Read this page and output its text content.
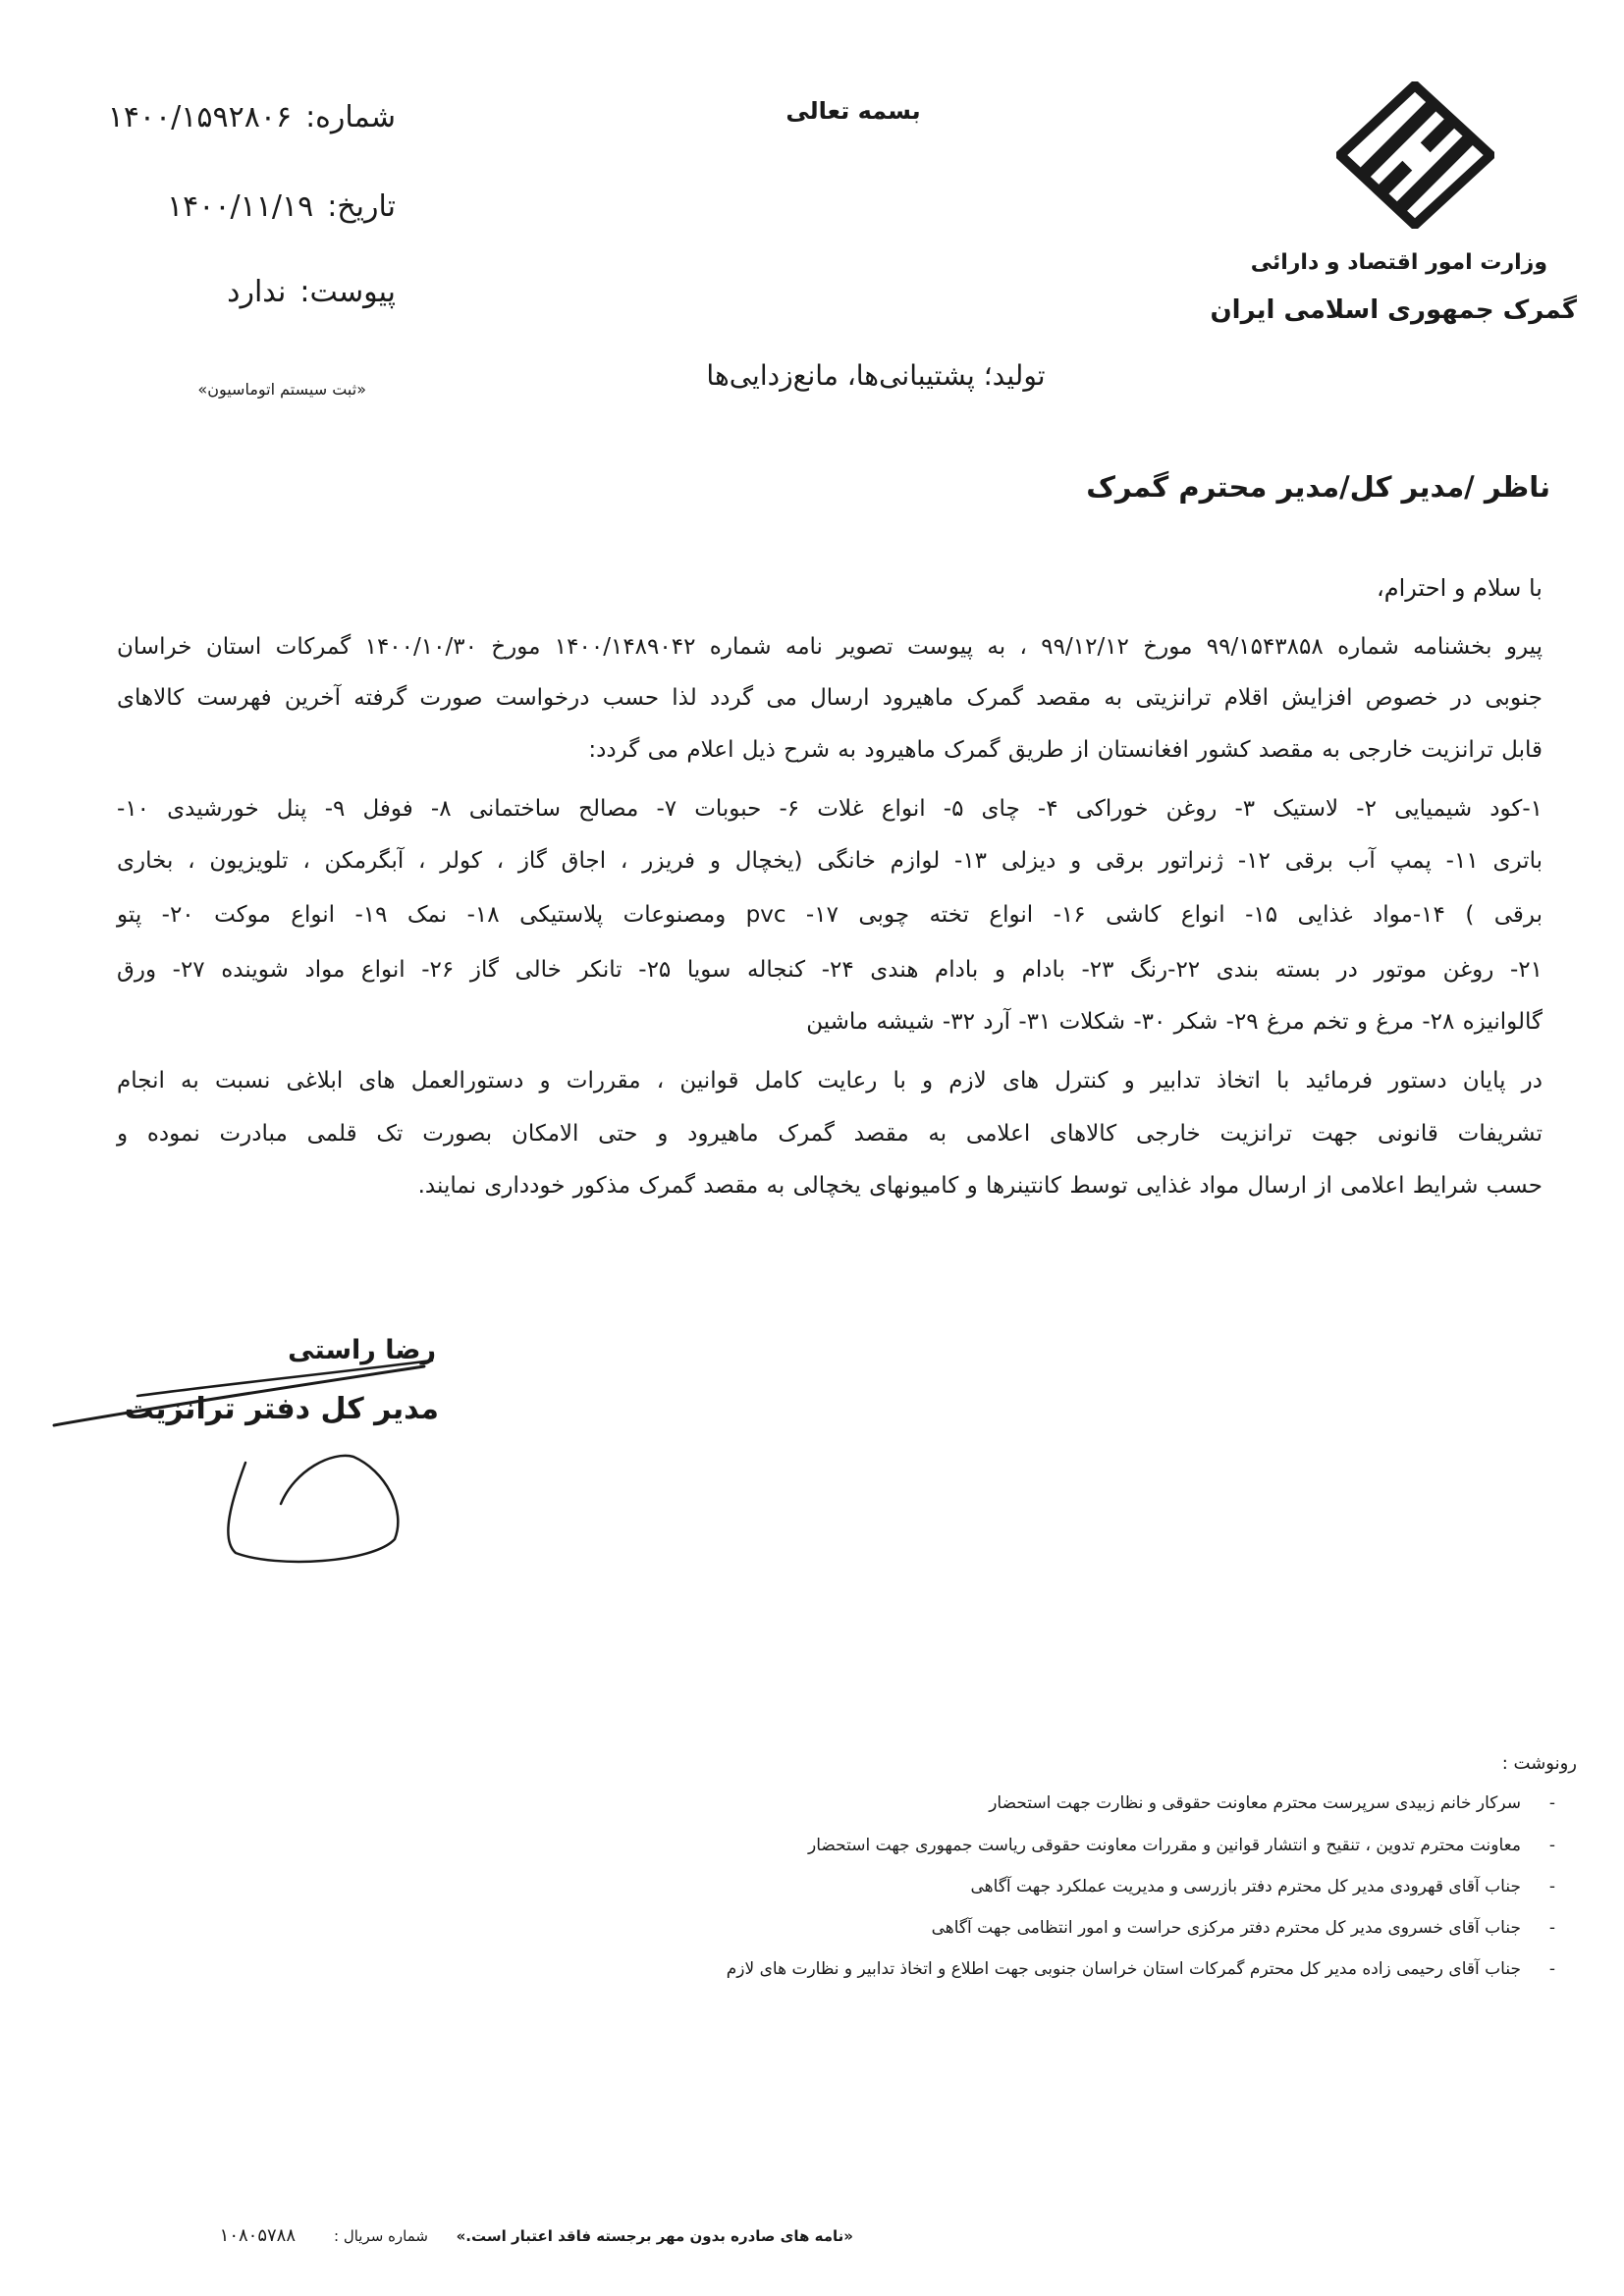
بسمه تعالی
وزارت امور اقتصاد و دارائی
گمرک جمهوری اسلامی ایران
شماره:۱۴۰۰/۱۵۹۲۸۰۶
تاریخ:۱۴۰۰/۱۱/۱۹
پیوست:ندارد
«ثبت سیستم اتوماسیون»	تولید؛ پشتیبانی‌ها، مانع‌زدایی‌ها
ناظر /مدیر کل/مدیر محترم گمرک
با سلام و احترام،
پیرو بخشنامه شماره ۹۹/۱۵۴۳۸۵۸ مورخ ۹۹/۱۲/۱۲ ، به پیوست تصویر نامه شماره ۱۴۰۰/۱۴۸۹۰۴۲ مورخ ۱۴۰۰/۱۰/۳۰ گمرکات استان خراسان
جنوبی در خصوص افزایش اقلام ترانزیتی به مقصد گمرک ماهیرود ارسال می گردد لذا حسب درخواست صورت گرفته آخرین فهرست کالاهای
قابل ترانزیت خارجی به مقصد کشور افغانستان از طریق گمرک ماهیرود به شرح ذیل اعلام می گردد:
۱-کود شیمیایی ۲- لاستیک ۳- روغن خوراکی ۴- چای ۵- انواع غلات ۶- حبوبات ۷- مصالح ساختمانی ۸- فوفل ۹- پنل خورشیدی ۱۰-
باتری ۱۱- پمپ آب برقی ۱۲- ژنراتور برقی و دیزلی ۱۳- لوازم خانگی (یخچال و فریزر ، اجاق گاز ، کولر ، آبگرمکن ، تلویزیون ، بخاری
برقی ) ۱۴-مواد غذایی ۱۵- انواع کاشی ۱۶- انواع تخته چوبی ۱۷- pvc ومصنوعات پلاستیکی ۱۸- نمک ۱۹- انواع موکت ۲۰- پتو
۲۱- روغن موتور در بسته بندی ۲۲-رنگ ۲۳- بادام و بادام هندی ۲۴- کنجاله سویا ۲۵- تانکر خالی گاز ۲۶- انواع مواد شوینده ۲۷- ورق
گالوانیزه ۲۸- مرغ و تخم مرغ ۲۹- شکر ۳۰- شکلات ۳۱- آرد ۳۲- شیشه ماشین
در پایان دستور فرمائید با اتخاذ تدابیر و کنترل های لازم و با رعایت کامل قوانین ، مقررات و دستورالعمل های ابلاغی نسبت به انجام
تشریفات قانونی جهت ترانزیت خارجی کالاهای اعلامی به مقصد گمرک ماهیرود و حتی الامکان بصورت تک قلمی مبادرت نموده و
حسب شرایط اعلامی از ارسال مواد غذایی توسط کانتینرها و کامیونهای یخچالی به مقصد گمرک مذکور خودداری نمایند.
رضا راستی
مدیر کل دفتر ترانزیت
رونوشت :
-
سرکار خانم زبیدی سرپرست محترم معاونت حقوقی و نظارت جهت استحضار
-
معاونت محترم تدوین ، تنقیح و انتشار قوانین و مقررات معاونت حقوقی ریاست جمهوری جهت استحضار
-
جناب آقای قهرودی مدیر کل محترم دفتر بازرسی و مدیریت عملکرد جهت آگاهی
-
جناب آقای خسروی مدیر کل محترم دفتر مرکزی حراست و امور انتظامی جهت آگاهی
-
جناب آقای رحیمی زاده مدیر کل محترم گمرکات استان خراسان جنوبی جهت اطلاع و اتخاذ تدابیر و نظارت های لازم
«نامه های صادره بدون مهر برجسته فاقد اعتبار است.»
شماره سریال :
۱۰۸۰۵۷۸۸
